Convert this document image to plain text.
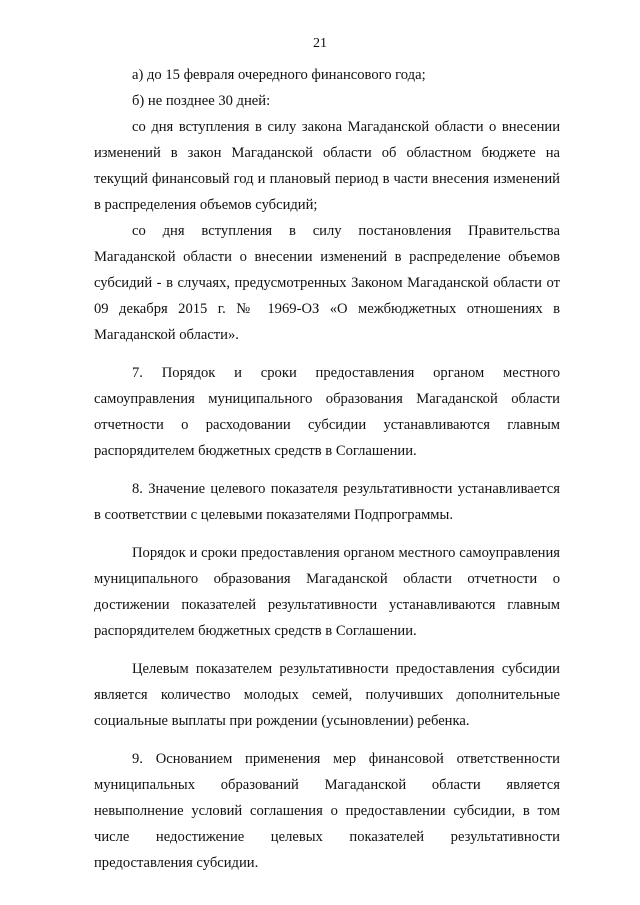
21

а) до 15 февраля очередного финансового года;

б) не позднее 30 дней:

со дня вступления в силу закона Магаданской области о внесении изменений в закон Магаданской области об областном бюджете на текущий финансовый год и плановый период в части внесения изменений в распределения объемов субсидий;

со дня вступления в силу постановления Правительства Магаданской области о внесении изменений в распределение объемов субсидий - в случаях, предусмотренных Законом Магаданской области от 09 декабря 2015 г. № 1969-ОЗ «О межбюджетных отношениях в Магаданской области».

7. Порядок и сроки предоставления органом местного самоуправления муниципального образования Магаданской области отчетности о расходовании субсидии устанавливаются главным распорядителем бюджетных средств в Соглашении.

8. Значение целевого показателя результативности устанавливается в соответствии с целевыми показателями Подпрограммы.

Порядок и сроки предоставления органом местного самоуправления муниципального образования Магаданской области отчетности о достижении показателей результативности устанавливаются главным распорядителем бюджетных средств в Соглашении.

Целевым показателем результативности предоставления субсидии является количество молодых семей, получивших дополнительные социальные выплаты при рождении (усыновлении) ребенка.

9. Основанием применения мер финансовой ответственности муниципальных образований Магаданской области является невыполнение условий соглашения о предоставлении субсидии, в том числе недостижение целевых показателей результативности предоставления субсидии.
